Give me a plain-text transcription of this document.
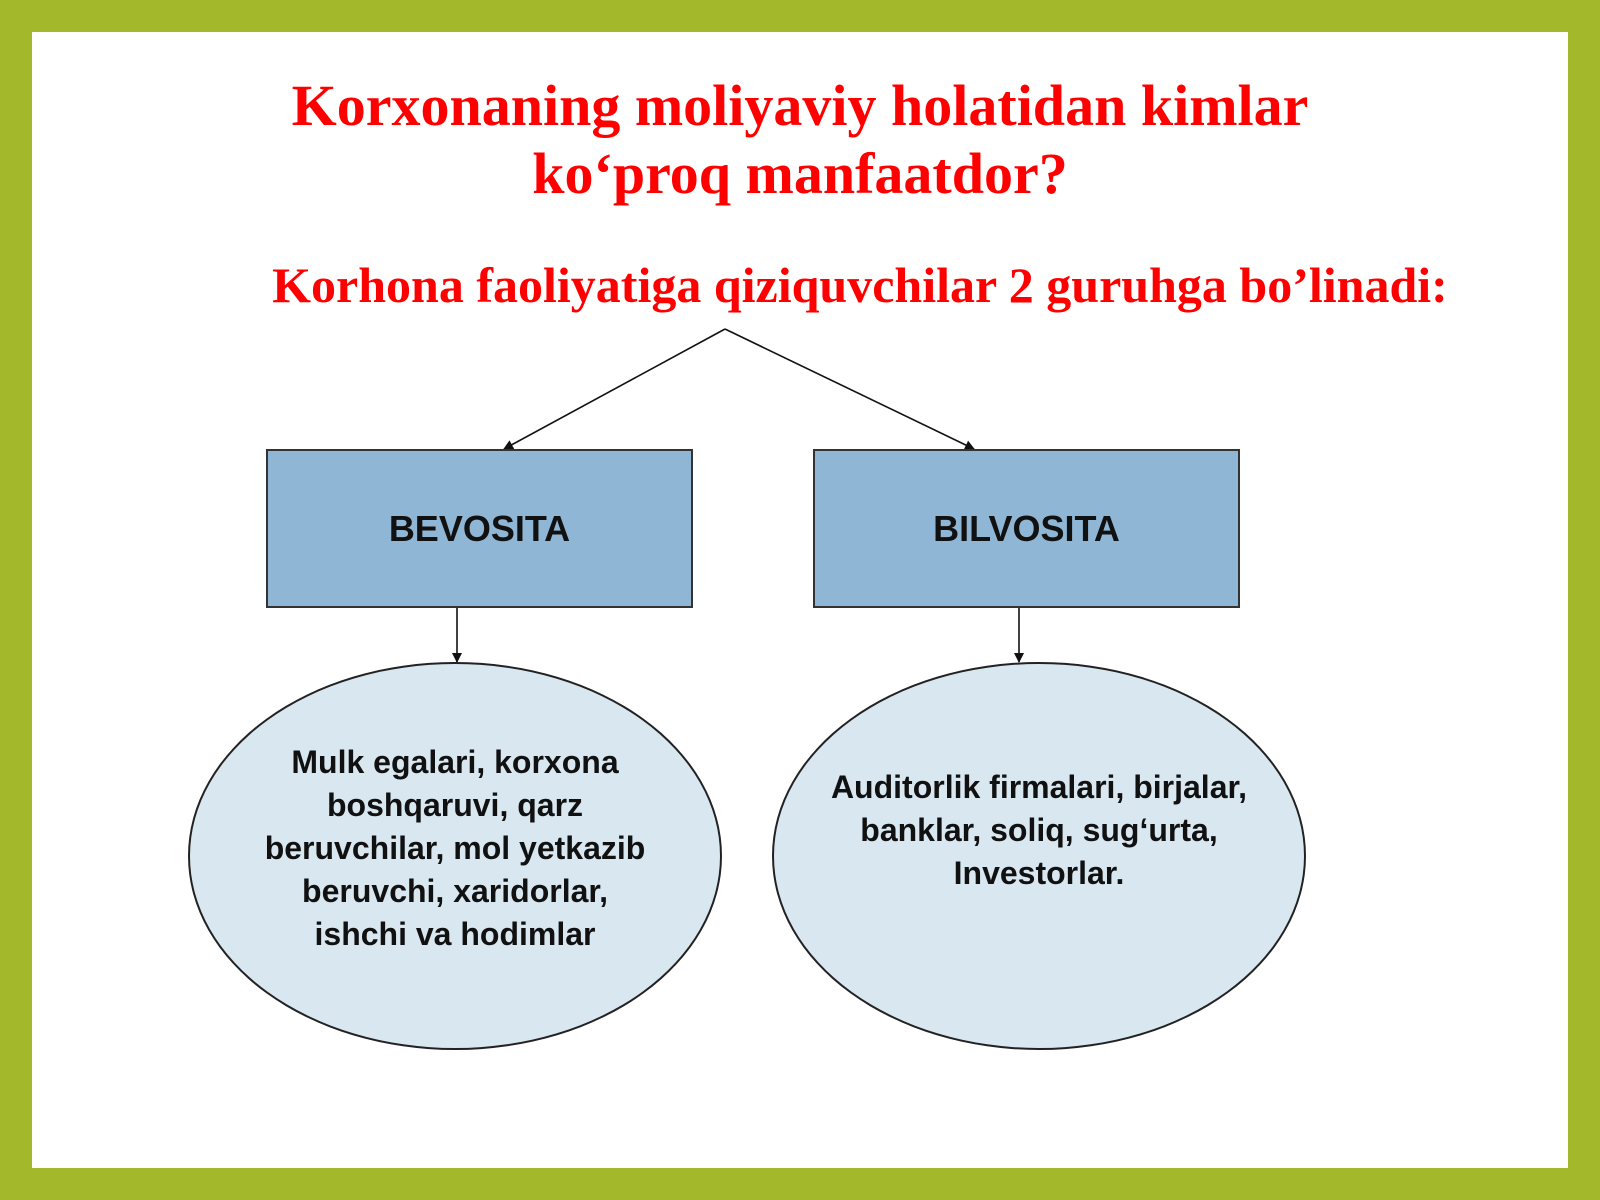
Korxonaning moliyaviy holatidan kimlar
ko‘proq manfaatdor?
Korhona faoliyatiga qiziquvchilar 2 guruhga bo’linadi:
BEVOSITA	BILVOSITA
Mulk egalari, korxona
boshqaruvi, qarz
beruvchilar, mol yetkazib
beruvchi, xaridorlar,
ishchi va hodimlar
Auditorlik firmalari, birjalar,
banklar, soliq, sug‘urta,
Investorlar.
